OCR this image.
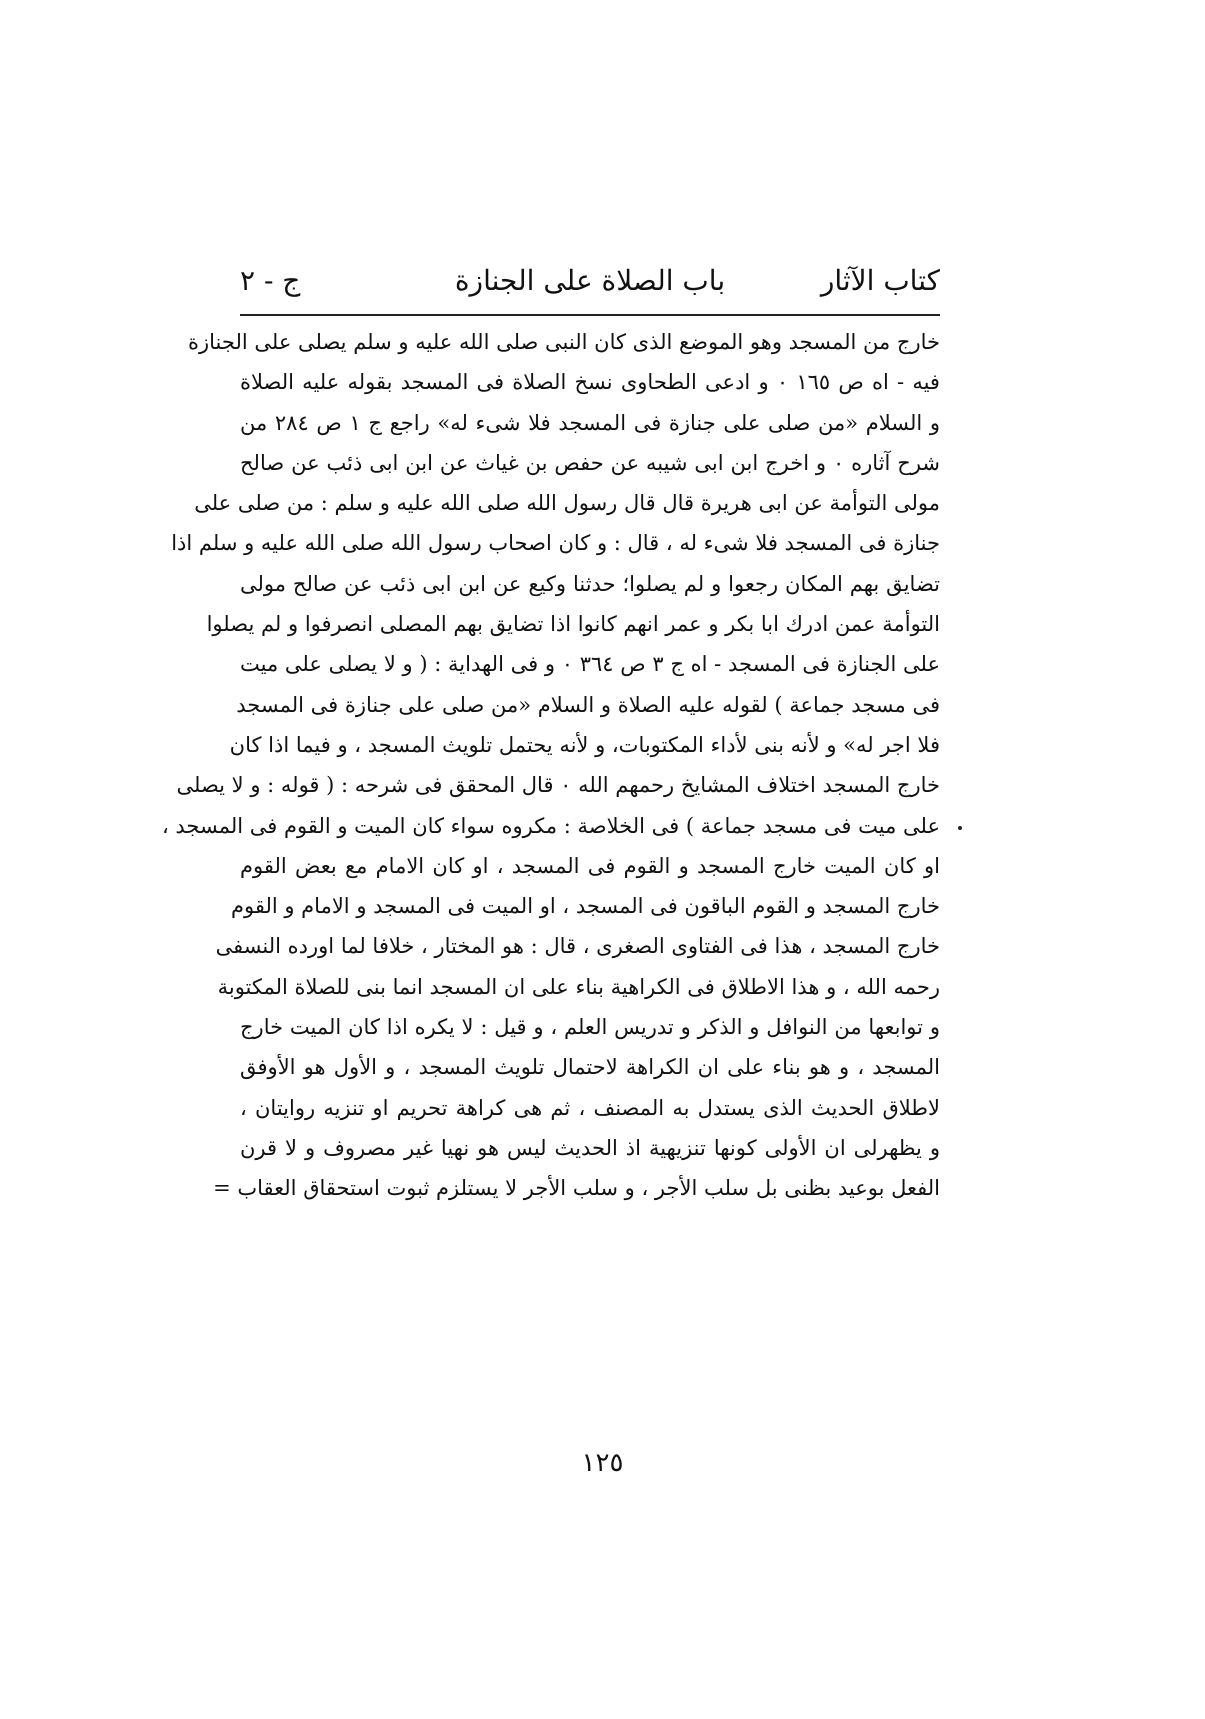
كتاب الآثار
باب الصلاة على الجنازة
ج - ٢
خارج من المسجد وهو الموضع الذى كان النبى صلى الله عليه و سلم يصلى على الجنازة
فيه - اه ص ١٦٥ ٠ و ادعى الطحاوى نسخ الصلاة فى المسجد بقوله عليه الصلاة
و السلام «من صلى على جنازة فى المسجد فلا شىء له» راجع ج ١ ص ٢٨٤ من
شرح آثاره ٠ و اخرج ابن ابى شيبه عن حفص بن غياث عن ابن ابى ذئب عن صالح
مولى التوأمة عن ابى هريرة قال قال رسول الله صلى الله عليه و سلم : من صلى على
جنازة فى المسجد فلا شىء له ، قال : و كان اصحاب رسول الله صلى الله عليه و سلم اذا
تضايق بهم المكان رجعوا و لم يصلوا؛ حدثنا وكيع عن ابن ابى ذئب عن صالح مولى
التوأمة عمن ادرك ابا بكر و عمر انهم كانوا اذا تضايق بهم المصلى انصرفوا و لم يصلوا
على الجنازة فى المسجد - اه ج ٣ ص ٣٦٤ ٠ و فى الهداية : ( و لا يصلى على ميت
فى مسجد جماعة ) لقوله عليه الصلاة و السلام «من صلى على جنازة فى المسجد
فلا اجر له» و لأنه بنى لأداء المكتوبات، و لأنه يحتمل تلويث المسجد ، و فيما اذا كان
خارج المسجد اختلاف المشايخ رحمهم الله ٠ قال المحقق فى شرحه : ( قوله : و لا يصلى
على ميت فى مسجد جماعة ) فى الخلاصة : مكروه سواء كان الميت و القوم فى المسجد ،
او كان الميت خارج المسجد و القوم فى المسجد ، او كان الامام مع بعض القوم
خارج المسجد و القوم الباقون فى المسجد ، او الميت فى المسجد و الامام و القوم
خارج المسجد ، هذا فى الفتاوى الصغرى ، قال : هو المختار ، خلافا لما اورده النسفى
رحمه الله ، و هذا الاطلاق فى الكراهية بناء على ان المسجد انما بنى للصلاة المكتوبة
و توابعها من النوافل و الذكر و تدريس العلم ، و قيل : لا يكره اذا كان الميت خارج
المسجد ، و هو بناء على ان الكراهة لاحتمال تلويث المسجد ، و الأول هو الأوفق
لاطلاق الحديث الذى يستدل به المصنف ، ثم هى كراهة تحريم او تنزيه روايتان ،
و يظهرلى ان الأولى كونها تنزيهية اذ الحديث ليس هو نهيا غير مصروف و لا قرن
الفعل بوعيد بظنى بل سلب الأجر ، و سلب الأجر لا يستلزم ثبوت استحقاق العقاب =
١٢٥
